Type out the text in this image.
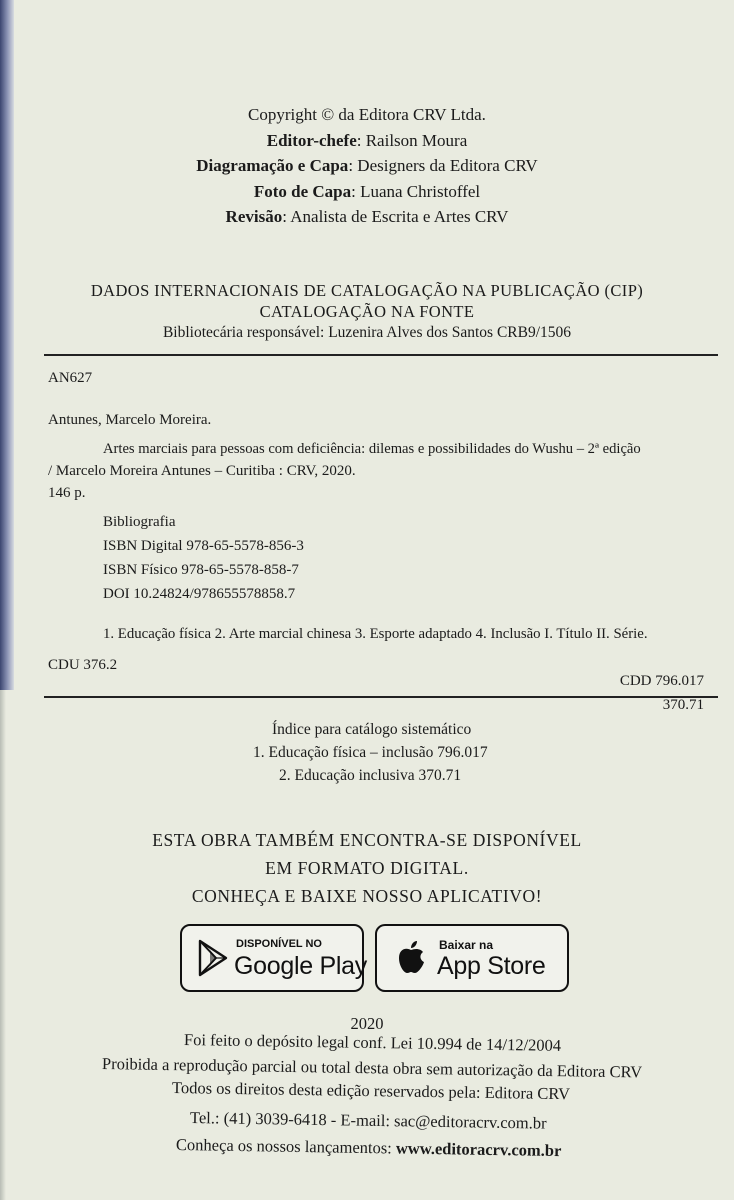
Copyright © da Editora CRV Ltda.
Editor-chefe: Railson Moura
Diagramação e Capa: Designers da Editora CRV
Foto de Capa: Luana Christoffel
Revisão: Analista de Escrita e Artes CRV
DADOS INTERNACIONAIS DE CATALOGAÇÃO NA PUBLICAÇÃO (CIP)
CATALOGAÇÃO NA FONTE
Bibliotecária responsável: Luzenira Alves dos Santos CRB9/1506
AN627
Antunes, Marcelo Moreira.
Artes marciais para pessoas com deficiência: dilemas e possibilidades do Wushu – 2ª edição
/ Marcelo Moreira Antunes – Curitiba : CRV, 2020.
146 p.
Bibliografia
ISBN Digital 978-65-5578-856-3
ISBN Físico 978-65-5578-858-7
DOI 10.24824/978655578858.7
1. Educação física 2. Arte marcial chinesa 3. Esporte adaptado 4. Inclusão I. Título II. Série.
CDU 376.2
CDD 796.017
370.71
Índice para catálogo sistemático
1. Educação física – inclusão 796.017
2. Educação inclusiva 370.71
ESTA OBRA TAMBÉM ENCONTRA-SE DISPONÍVEL
EM FORMATO DIGITAL.
CONHEÇA E BAIXE NOSSO APLICATIVO!
DISPONÍVEL NO
Google Play
Baixar na
App Store
2020
Foi feito o depósito legal conf. Lei 10.994 de 14/12/2004
Proibida a reprodução parcial ou total desta obra sem autorização da Editora CRV
Todos os direitos desta edição reservados pela: Editora CRV
Tel.: (41) 3039-6418 - E-mail: sac@editoracrv.com.br
Conheça os nossos lançamentos: www.editoracrv.com.br
